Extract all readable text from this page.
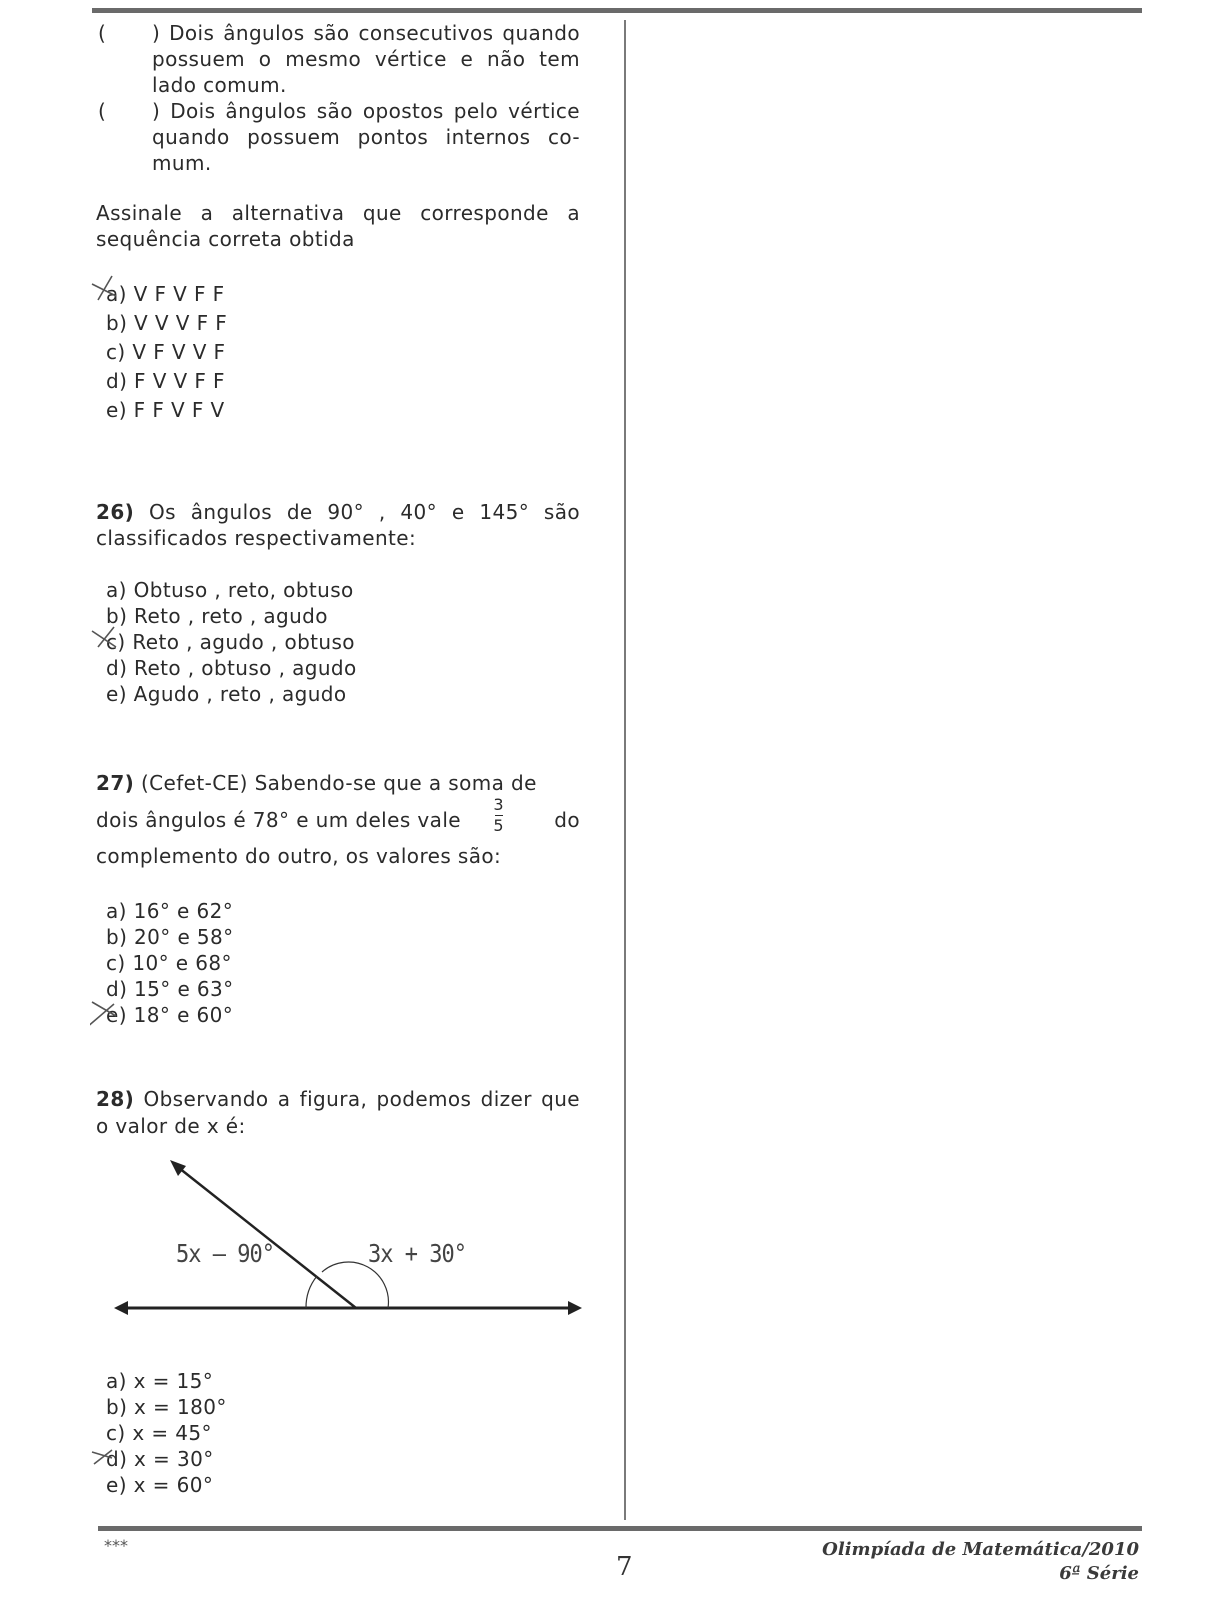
( ) Dois ângulos são consecutivos quando possuem o mesmo vértice e não tem lado comum.
( ) Dois ângulos são opostos pelo vértice quando possuem pontos internos co-mum.

Assinale a alternativa que corresponde a sequência correta obtida

a) V F V F F
b) V V V F F
c) V F V V F
d) F V V F F
e) F F V F V

26) Os ângulos de 90° , 40° e 145° são classificados respectivamente:

a) Obtuso , reto, obtuso
b) Reto , reto , agudo
c) Reto , agudo , obtuso
d) Reto , obtuso , agudo
e) Agudo , reto , agudo
27) (Cefet-CE) Sabendo-se que a soma de
dois ângulos é 78° e um deles vale $\frac{3}{5}$	do
complemento do outro, os valores são:
a) 16° e 62°
b) 20° e 58°
c) 10° e 68°
d) 15° e 63°
e) 18° e 60°

28) Observando a figura, podemos dizer que o valor de x é:

5x – 90°	3x + 30°
a) x = 15°
b) x = 180°
c) x = 45°
d) x = 30°
e) x = 60°
***
7
Olimpíada de Matemática/2010
6ª Série
